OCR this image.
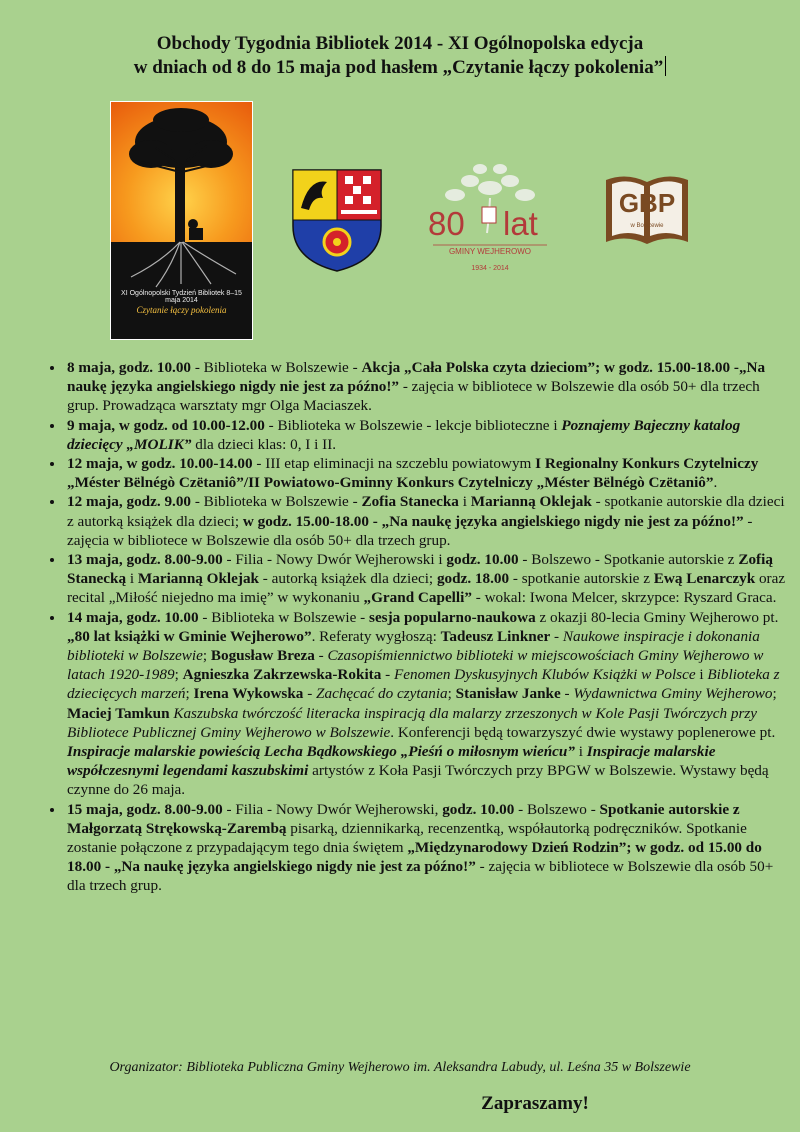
Obchody Tygodnia Bibliotek 2014 - XI Ogólnopolska edycja
w dniach od 8 do 15 maja pod hasłem „Czytanie łączy pokolenia”
XI Ogólnopolski Tydzień Bibliotek 8–15 maja 2014
Czytanie łączy pokolenia
80 lat
GMINY WEJHEROWO
1934 - 2014
GBP
w Bolszewie
• 8 maja, godz. 10.00 - Biblioteka w Bolszewie - Akcja „Cała Polska czyta dzieciom”; w godz. 15.00-18.00 -„Na naukę języka angielskiego nigdy nie jest za późno!” - zajęcia w bibliotece w Bolszewie dla osób 50+ dla trzech grup. Prowadząca warsztaty mgr Olga Maciaszek.
• 9 maja, w godz. od 10.00-12.00 - Biblioteka w Bolszewie - lekcje biblioteczne i Poznajemy Bajeczny katalog dziecięcy „MOLIK” dla dzieci klas: 0, I i II.
• 12 maja, w godz. 10.00-14.00 - III etap eliminacji na szczeblu powiatowym I Regionalny Konkurs Czytelniczy „Méster Bëlnégò Czëtaniô”/II Powiatowo-Gminny Konkurs Czytelniczy „Méster Bëlnégò Czëtaniô”.
• 12 maja, godz. 9.00 - Biblioteka w Bolszewie - Zofia Stanecka i Marianną Oklejak - spotkanie autorskie dla dzieci z autorką książek dla dzieci; w godz. 15.00-18.00 - „Na naukę języka angielskiego nigdy nie jest za późno!” - zajęcia w bibliotece w Bolszewie dla osób 50+ dla trzech grup.
• 13 maja, godz. 8.00-9.00 - Filia - Nowy Dwór Wejherowski i godz. 10.00 - Bolszewo - Spotkanie autorskie z Zofią Stanecką i Marianną Oklejak - autorką książek dla dzieci; godz. 18.00 - spotkanie autorskie z Ewą Lenarczyk oraz recital „Miłość niejedno ma imię” w wykonaniu „Grand Capelli” - wokal: Iwona Melcer, skrzypce: Ryszard Graca.
• 14 maja, godz. 10.00 - Biblioteka w Bolszewie - sesja popularno-naukowa z okazji 80-lecia Gminy Wejherowo pt. „80 lat książki w Gminie Wejherowo”. Referaty wygłoszą: Tadeusz Linkner - Naukowe inspiracje i dokonania biblioteki w Bolszewie; Bogusław Breza - Czasopiśmiennictwo biblioteki w miejscowościach Gminy Wejherowo w latach 1920-1989; Agnieszka Zakrzewska-Rokita - Fenomen Dyskusyjnych Klubów Książki w Polsce i Biblioteka z dziecięcych marzeń; Irena Wykowska - Zachęcać do czytania; Stanisław Janke - Wydawnictwa Gminy Wejherowo; Maciej Tamkun Kaszubska twórczość literacka inspiracją dla malarzy zrzeszonych w Kole Pasji Twórczych przy Bibliotece Publicznej Gminy Wejherowo w Bolszewie. Konferencji będą towarzyszyć dwie wystawy poplenerowe pt. Inspiracje malarskie powieścią Lecha Bądkowskiego „Pieśń o miłosnym wieńcu” i Inspiracje malarskie współczesnymi legendami kaszubskimi artystów z Koła Pasji Twórczych przy BPGW w Bolszewie. Wystawy będą czynne do 26 maja.
• 15 maja, godz. 8.00-9.00 - Filia - Nowy Dwór Wejherowski, godz. 10.00 - Bolszewo - Spotkanie autorskie z Małgorzatą Strękowską-Zarembą pisarką, dziennikarką, recenzentką, współautorką podręczników. Spotkanie zostanie połączone z przypadającym tego dnia świętem „Międzynarodowy Dzień Rodzin”; w godz. od 15.00 do 18.00 - „Na naukę języka angielskiego nigdy nie jest za późno!” - zajęcia w bibliotece w Bolszewie dla osób 50+ dla trzech grup.
Organizator: Biblioteka Publiczna Gminy Wejherowo im. Aleksandra Labudy, ul. Leśna 35 w Bolszewie
Zapraszamy!
